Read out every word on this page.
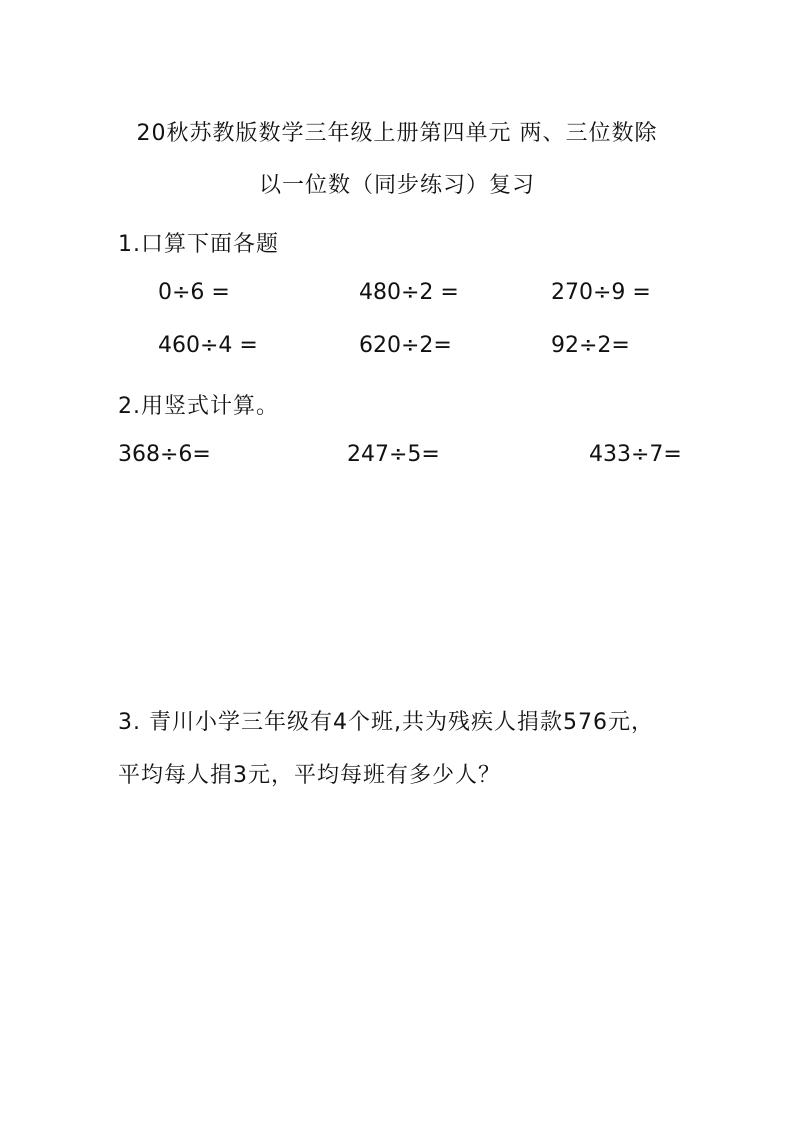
20秋苏教版数学三年级上册第四单元 两、三位数除
以一位数（同步练习）复习
1.口算下面各题
0÷6 =	480÷2 =	270÷9 =
460÷4 =	620÷2=	92÷2=
2.用竖式计算。
368÷6=	247÷5=	433÷7=
3. 青川小学三年级有4个班,共为残疾人捐款576元，
平均每人捐3元，平均每班有多少人？
